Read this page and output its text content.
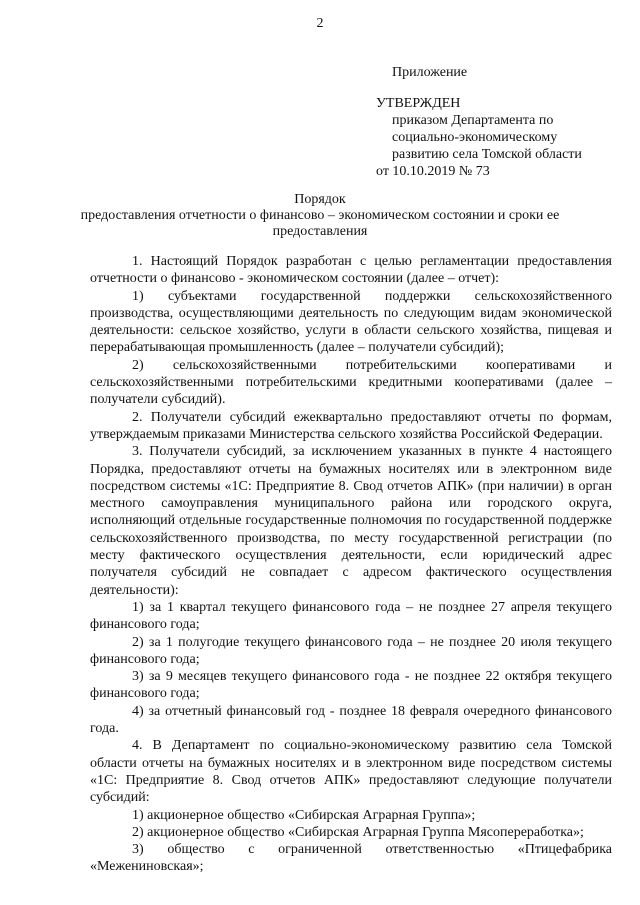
2
Приложение
УТВЕРЖДЕН
приказом Департамента по
социально-экономическому
развитию села Томской области
от 10.10.2019 № 73
Порядок
предоставления отчетности о финансово – экономическом состоянии и сроки ее
предоставления

1. Настоящий Порядок разработан с целью регламентации предоставления отчетности о финансово - экономическом состоянии (далее – отчет):

1) субъектами государственной поддержки сельскохозяйственного производства, осуществляющими деятельность по следующим видам экономической деятельности: сельское хозяйство, услуги в области сельского хозяйства, пищевая и перерабатывающая промышленность (далее – получатели субсидий);

2) сельскохозяйственными потребительскими кооперативами и сельскохозяйственными потребительскими кредитными кооперативами (далее – получатели субсидий).

2. Получатели субсидий ежеквартально предоставляют отчеты по формам, утверждаемым приказами Министерства сельского хозяйства Российской Федерации.

3. Получатели субсидий, за исключением указанных в пункте 4 настоящего Порядка, предоставляют отчеты на бумажных носителях или в электронном виде посредством системы «1С: Предприятие 8. Свод отчетов АПК» (при наличии) в орган местного самоуправления муниципального района или городского округа, исполняющий отдельные государственные полномочия по государственной поддержке сельскохозяйственного производства, по месту государственной регистрации (по месту фактического осуществления деятельности, если юридический адрес получателя субсидий не совпадает с адресом фактического осуществления деятельности):

1) за 1 квартал текущего финансового года – не позднее 27 апреля текущего финансового года;

2) за 1 полугодие текущего финансового года – не позднее 20 июля текущего финансового года;

3) за 9 месяцев текущего финансового года - не позднее 22 октября текущего финансового года;

4) за отчетный финансовый год - позднее 18 февраля очередного финансового года.

4. В Департамент по социально-экономическому развитию села Томской области отчеты на бумажных носителях и в электронном виде посредством системы «1С: Предприятие 8. Свод отчетов АПК» предоставляют следующие получатели субсидий:

1) акционерное общество «Сибирская Аграрная Группа»;

2) акционерное общество «Сибирская Аграрная Группа Мясопереработка»;

3) общество с ограниченной ответственностью «Птицефабрика «Межениновская»;
